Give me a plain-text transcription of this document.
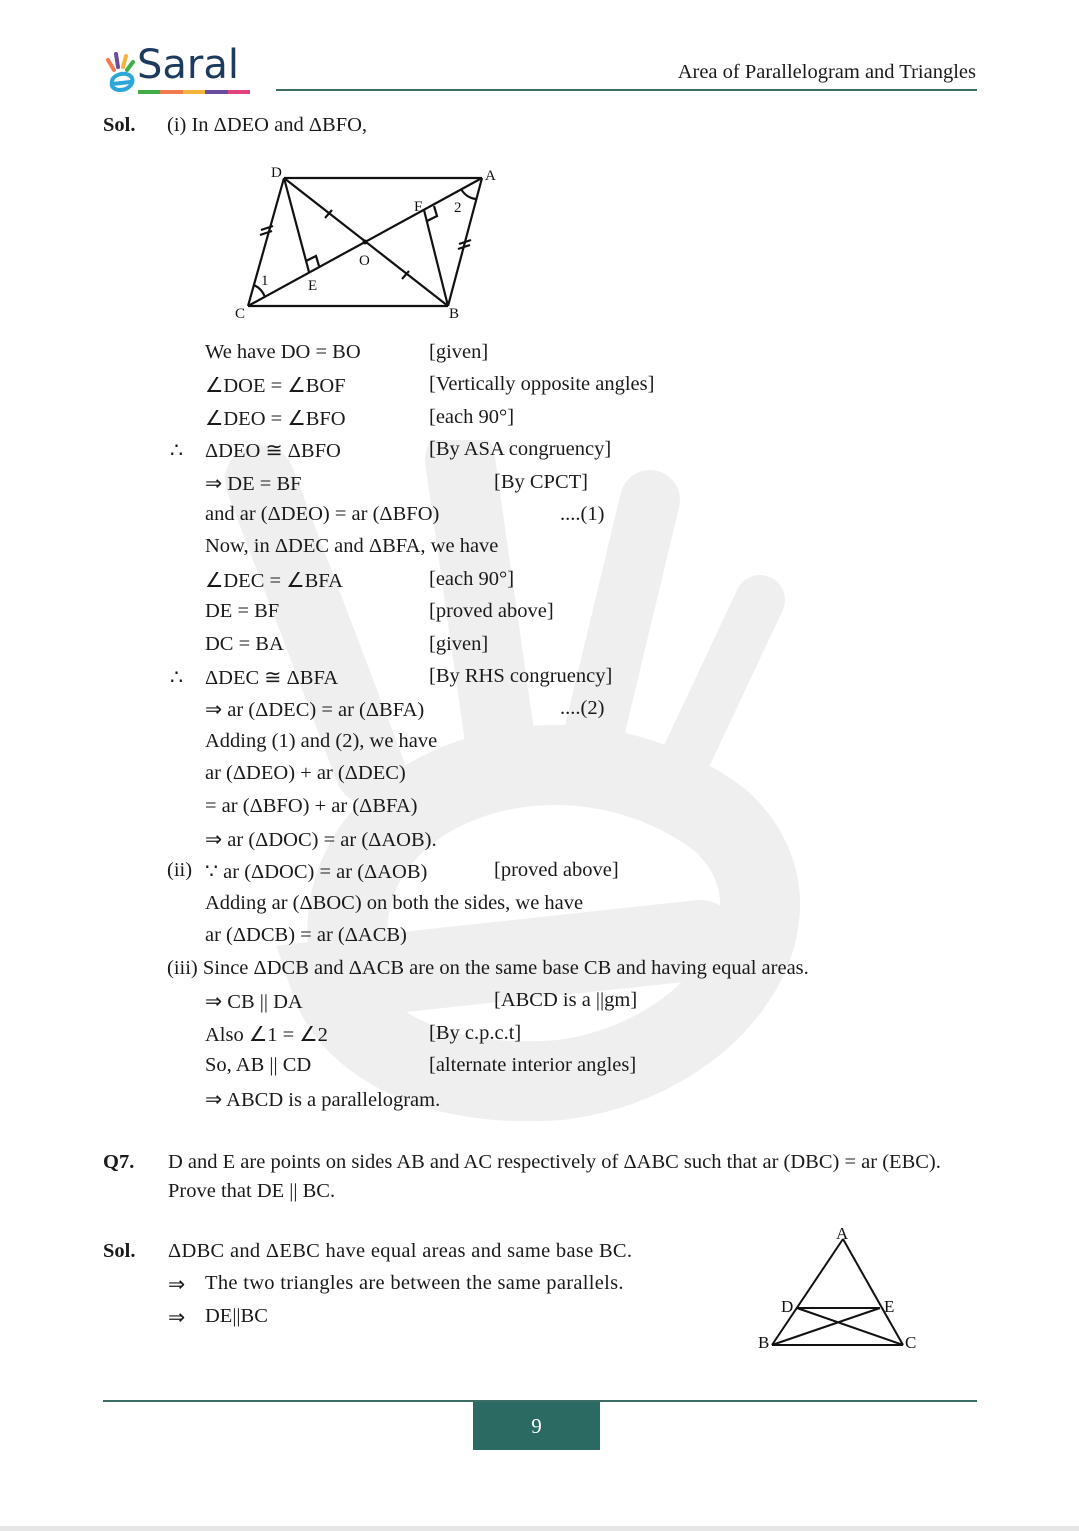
Saral	Area of Parallelogram and Triangles
Sol. (i) In ΔDEO and ΔBFO,
D	A
C	B
O
E
F
1
2
We have DO = BO	[given]
∠DOE = ∠BOF	[Vertically opposite angles]
∠DEO = ∠BFO	[each 90°]
∴ ΔDEO ≅ ΔBFO	[By ASA congruency]
⇒ DE = BF	[By CPCT]
and ar (ΔDEO) = ar (ΔBFO)	....(1)
Now, in ΔDEC and ΔBFA, we have
∠DEC = ∠BFA	[each 90°]
DE = BF	[proved above]
DC = BA	[given]
∴ ΔDEC ≅ ΔBFA	[By RHS congruency]
⇒ ar (ΔDEC) = ar (ΔBFA)	....(2)
Adding (1) and (2), we have
ar (ΔDEO) + ar (ΔDEC)
= ar (ΔBFO) + ar (ΔBFA)
⇒ ar (ΔDOC) = ar (ΔAOB).
(ii) ∵ ar (ΔDOC) = ar (ΔAOB)	[proved above]
Adding ar (ΔBOC) on both the sides, we have
ar (ΔDCB) = ar (ΔACB)
(iii) Since ΔDCB and ΔACB are on the same base CB and having equal areas.
⇒ CB || DA	[ABCD is a ||gm]
Also ∠1 = ∠2	[By c.p.c.t]
So, AB || CD	[alternate interior angles]
⇒ ABCD is a parallelogram.
Q7. D and E are points on sides AB and AC respectively of ΔABC such that ar (DBC) = ar (EBC).
Prove that DE || BC.
Sol. ΔDBC and ΔEBC have equal areas and same base BC.
⇒ The two triangles are between the same parallels.
⇒ DE||BC
A
D	E
B	C
9
